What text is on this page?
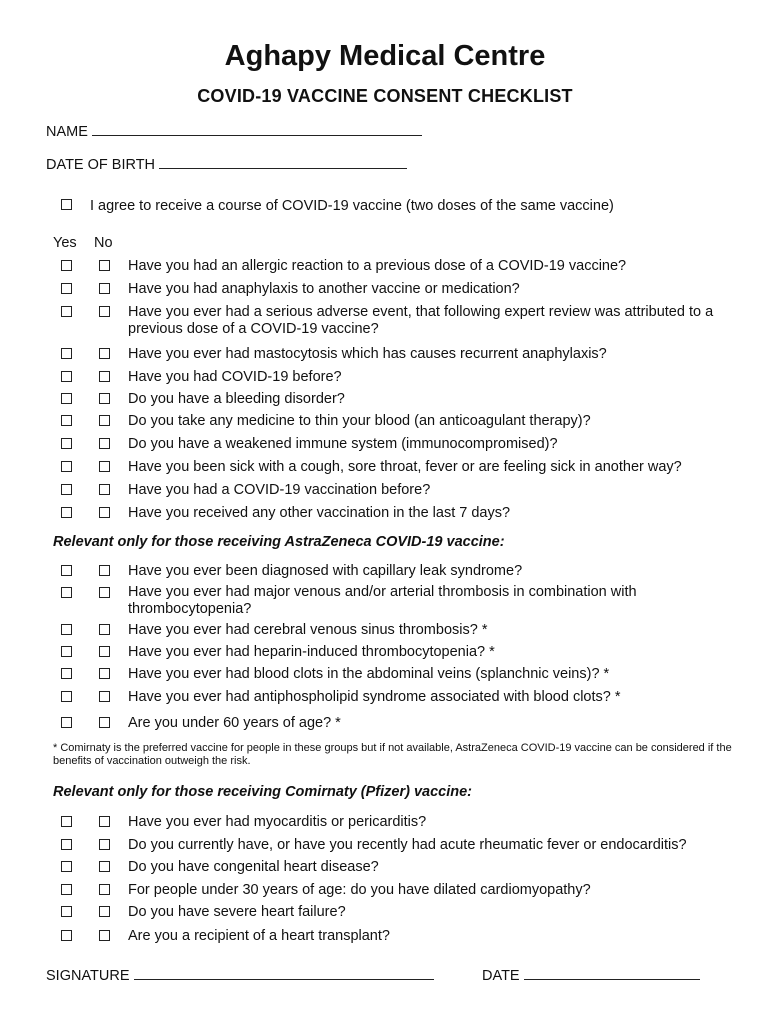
Aghapy Medical Centre
COVID-19 VACCINE CONSENT CHECKLIST
NAME
DATE OF BIRTH
I agree to receive a course of COVID-19 vaccine (two doses of the same vaccine)
Yes No
Have you had an allergic reaction to a previous dose of a COVID-19 vaccine?
Have you had anaphylaxis to another vaccine or medication?
Have you ever had a serious adverse event, that following expert review was attributed to a previous dose of a COVID-19 vaccine?
Have you ever had mastocytosis which has causes recurrent anaphylaxis?
Have you had COVID-19 before?
Do you have a bleeding disorder?
Do you take any medicine to thin your blood (an anticoagulant therapy)?
Do you have a weakened immune system (immunocompromised)?
Have you been sick with a cough, sore throat, fever or are feeling sick in another way?
Have you had a COVID-19 vaccination before?
Have you received any other vaccination in the last 7 days?
Relevant only for those receiving AstraZeneca COVID-19 vaccine:
Have you ever been diagnosed with capillary leak syndrome?
Have you ever had major venous and/or arterial thrombosis in combination with thrombocytopenia?
Have you ever had cerebral venous sinus thrombosis? *
Have you ever had heparin-induced thrombocytopenia? *
Have you ever had blood clots in the abdominal veins (splanchnic veins)? *
Have you ever had antiphospholipid syndrome associated with blood clots? *
Are you under 60 years of age? *
* Comirnaty is the preferred vaccine for people in these groups but if not available, AstraZeneca COVID-19 vaccine can be considered if the benefits of vaccination outweigh the risk.
Relevant only for those receiving Comirnaty (Pfizer) vaccine:
Have you ever had myocarditis or pericarditis?
Do you currently have, or have you recently had acute rheumatic fever or endocarditis?
Do you have congenital heart disease?
For people under 30 years of age: do you have dilated cardiomyopathy?
Do you have severe heart failure?
Are you a recipient of a heart transplant?
SIGNATURE	DATE
